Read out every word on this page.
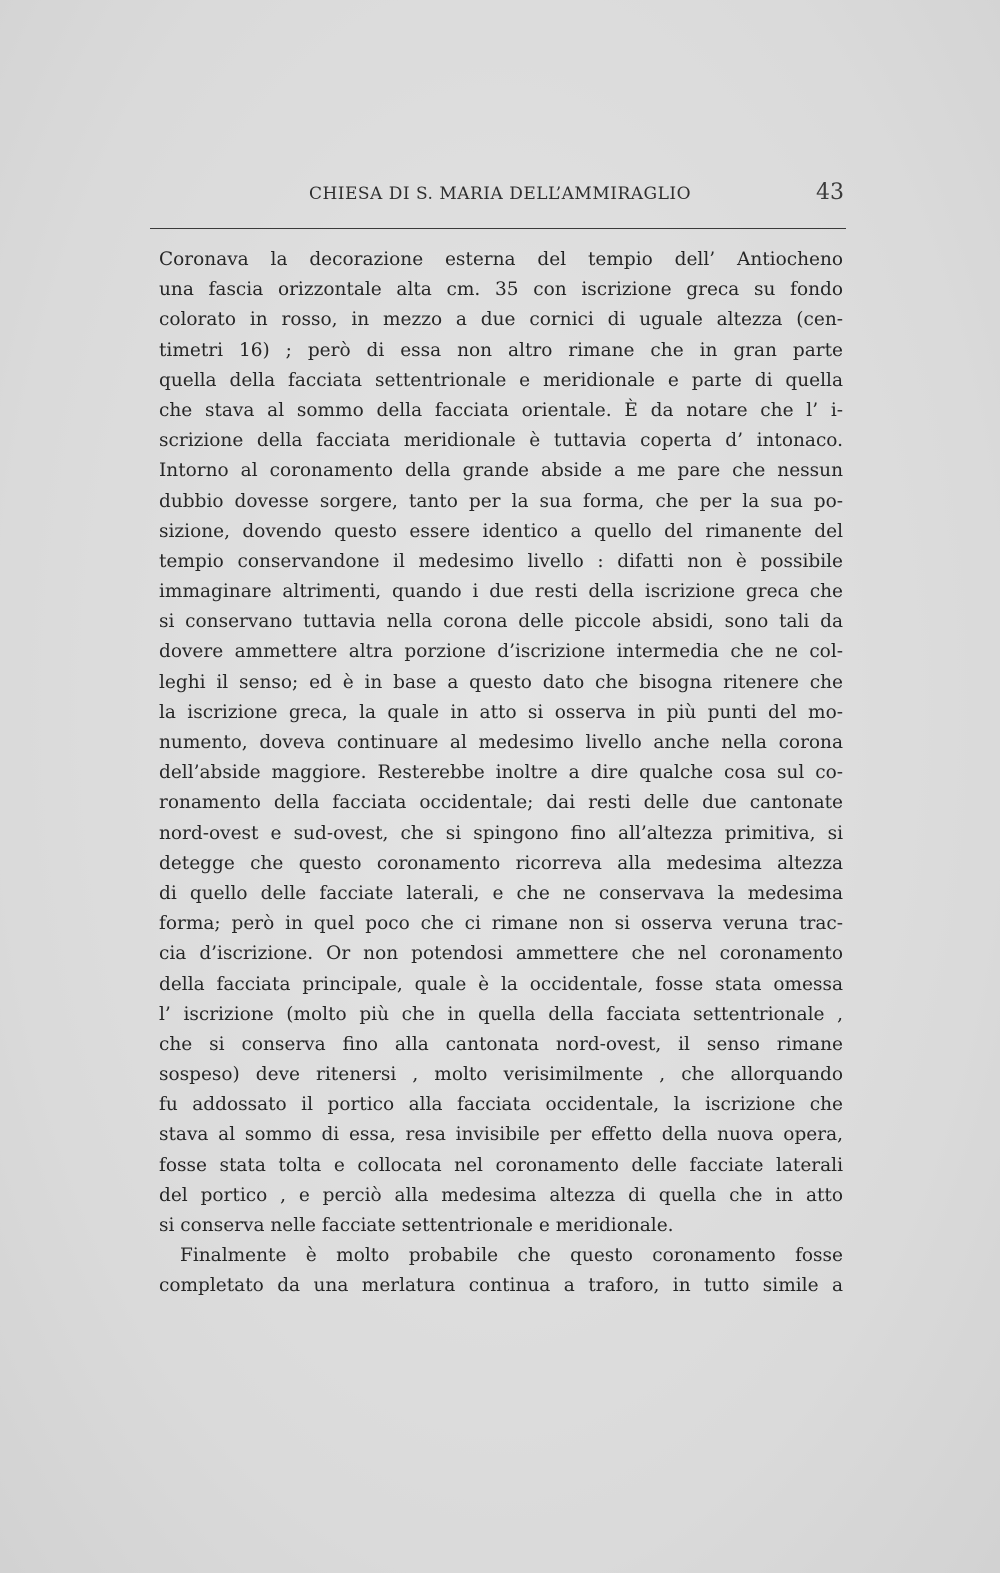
CHIESA DI S. MARIA DELL’AMMIRAGLIO	43
Coronava la decorazione esterna del tempio dell’ Antiocheno
una fascia orizzontale alta cm. 35 con iscrizione greca su fondo
colorato in rosso, in mezzo a due cornici di uguale altezza (cen-
timetri 16) ; però di essa non altro rimane che in gran parte
quella della facciata settentrionale e meridionale e parte di quella
che stava al sommo della facciata orientale. È da notare che l’ i-
scrizione della facciata meridionale è tuttavia coperta d’ intonaco.
Intorno al coronamento della grande abside a me pare che nessun
dubbio dovesse sorgere, tanto per la sua forma, che per la sua po-
sizione, dovendo questo essere identico a quello del rimanente del
tempio conservandone il medesimo livello : difatti non è possibile
immaginare altrimenti, quando i due resti della iscrizione greca che
si conservano tuttavia nella corona delle piccole absidi, sono tali da
dovere ammettere altra porzione d’iscrizione intermedia che ne col-
leghi il senso; ed è in base a questo dato che bisogna ritenere che
la iscrizione greca, la quale in atto si osserva in più punti del mo-
numento, doveva continuare al medesimo livello anche nella corona
dell’abside maggiore. Resterebbe inoltre a dire qualche cosa sul co-
ronamento della facciata occidentale; dai resti delle due cantonate
nord-ovest e sud-ovest, che si spingono fino all’altezza primitiva, si
detegge che questo coronamento ricorreva alla medesima altezza
di quello delle facciate laterali, e che ne conservava la medesima
forma; però in quel poco che ci rimane non si osserva veruna trac-
cia d’iscrizione. Or non potendosi ammettere che nel coronamento
della facciata principale, quale è la occidentale, fosse stata omessa
l’ iscrizione (molto più che in quella della facciata settentrionale ,
che si conserva fino alla cantonata nord-ovest, il senso rimane
sospeso) deve ritenersi , molto verisimilmente , che allorquando
fu addossato il portico alla facciata occidentale, la iscrizione che
stava al sommo di essa, resa invisibile per effetto della nuova opera,
fosse stata tolta e collocata nel coronamento delle facciate laterali
del portico , e perciò alla medesima altezza di quella che in atto
si conserva nelle facciate settentrionale e meridionale.
Finalmente è molto probabile che questo coronamento fosse
completato da una merlatura continua a traforo, in tutto simile a
